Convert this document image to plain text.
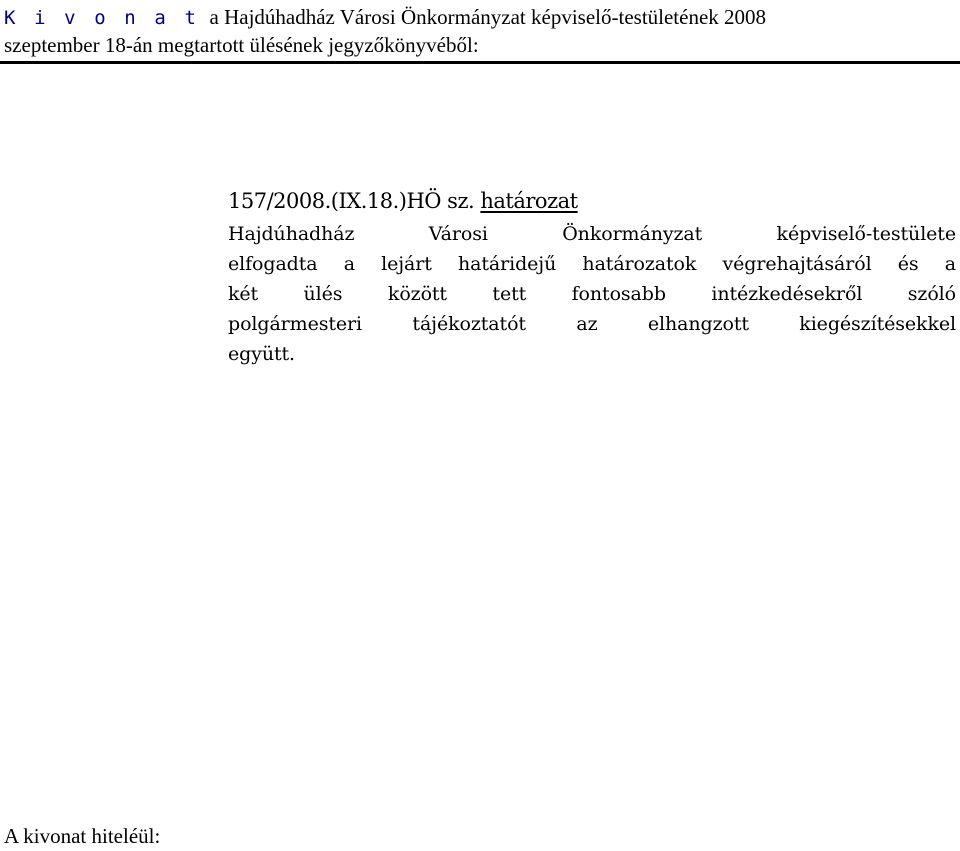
K i v o n a t a Hajdúhadház Városi Önkormányzat képviselő-testületének 2008
szeptember 18-án megtartott ülésének jegyzőkönyvéből:
157/2008.(IX.18.)HÖ sz. határozat
Hajdúhadház Városi Önkormányzat képviselő-testülete
elfogadta a lejárt határidejű határozatok végrehajtásáról és a
két ülés között tett fontosabb intézkedésekről szóló
polgármesteri tájékoztatót az elhangzott kiegészítésekkel
együtt.
A kivonat hiteléül:
